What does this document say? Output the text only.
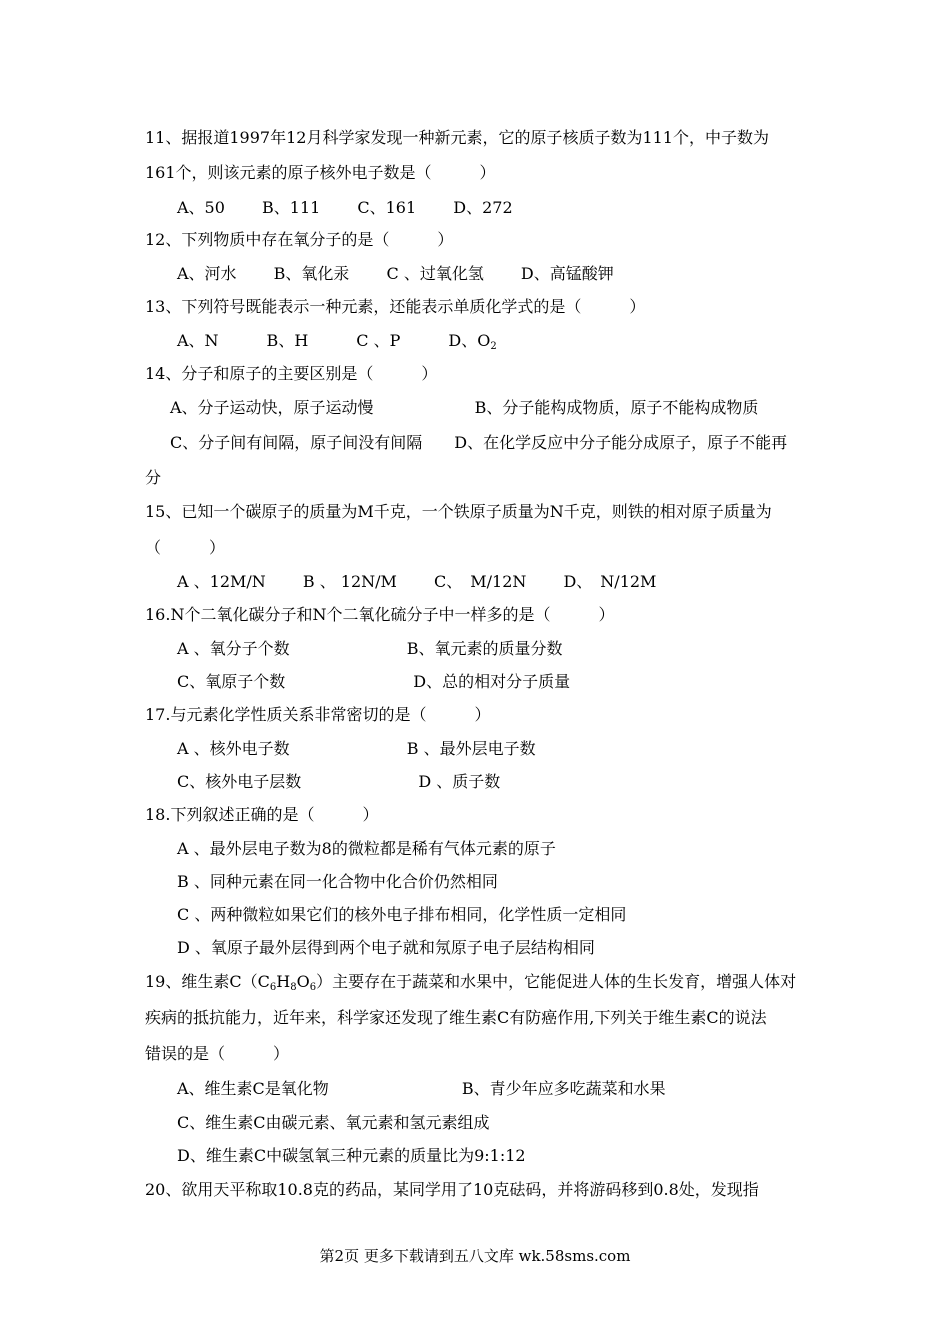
11、据报道1997年12月科学家发现一种新元素，它的原子核质子数为111个，中子数为
161个，则该元素的原子核外电子数是（　　　）
A、50　　 B、111　　 C、161　　 D、272
12、下列物质中存在氧分子的是（　　　）
A、河水　　 B、氧化汞　　 C 、过氧化氢　　 D、高锰酸钾
13、下列符号既能表示一种元素，还能表示单质化学式的是（　　　）
A、N　　　B、H　　　C 、P　　　D、$O_2$
14、分子和原子的主要区别是（　　　）
A、分子运动快，原子运动慢　　　　　　 B、分子能构成物质，原子不能构成物质
C、分子间有间隔，原子间没有间隔　　D、在化学反应中分子能分成原子，原子不能再
分
15、已知一个碳原子的质量为M千克，一个铁原子质量为N千克，则铁的相对原子质量为
（　　　）
A 、12M/N　　 B 、 12N/M　　 C、　M/12N　　 D、　N/12M
16.N个二氧化碳分子和N个二氧化硫分子中一样多的是（　　　）
A 、氧分子个数　　　　　　　 B、氧元素的质量分数
C、氧原子个数　　　　　　　　D、总的相对分子质量
17.与元素化学性质关系非常密切的是（　　　）
A 、核外电子数　　　　　　　 B 、最外层电子数
C、核外电子层数　　　　　　　 D 、质子数
18.下列叙述正确的是（　　　）
A 、最外层电子数为8的微粒都是稀有气体元素的原子
B 、同种元素在同一化合物中化合价仍然相同
C 、两种微粒如果它们的核外电子排布相同，化学性质一定相同
D 、氧原子最外层得到两个电子就和氖原子电子层结构相同
19、维生素$C(C_6H_8O_6)$主要存在于蔬菜和水果中，它能促进人体的生长发育，增强人体对
疾病的抵抗能力，近年来，科学家还发现了维生素C有防癌作用,下列关于维生素C的说法
错误的是（　　　）
A、维生素C是氧化物　　　　　　　　 B、青少年应多吃蔬菜和水果
C、维生素C由碳元素、氧元素和氢元素组成
D、维生素C中碳氢氧三种元素的质量比为9:1:12
20、欲用天平称取10.8克的药品，某同学用了10克砝码，并将游码移到0.8处，发现指
第2页 更多下载请到五八文库 wk.58sms.com
